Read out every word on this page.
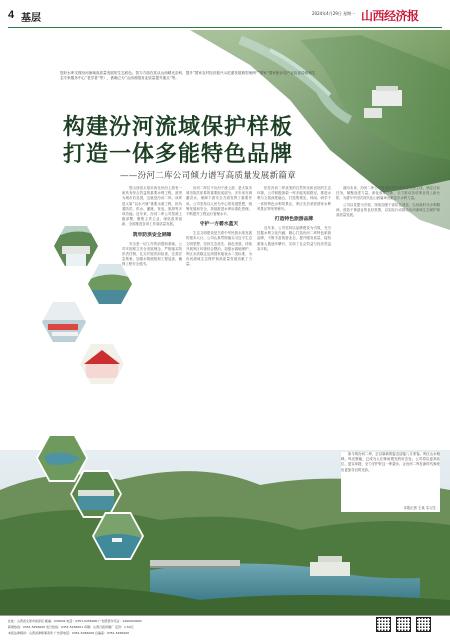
4 基层	2024年4月29日 星期一 山西经济报
您好水库支撑汾河流域高质量发展的生态底色。智力方面在其从山西晴光杂科，提升“国家农村经济振兴示范重发展典型案例”“国家”国家统计局产业检查局格和生态专家服务中心“老学者”等），被确立为“山西省服务业质量提升重点”等。
构建汾河流域保护样板
打造一体多能特色品牌
——汾河二库公司倾力谱写高质量发展新篇章

您山西省太原市西北汾河上游有一座具有综合效益的重要水利工程，被誉为城市后花园，这就是汾河二库。该库是太原“以水兴城”重要水源工程，担负着防洪、供水、灌溉、发电、旅游等多项功能。近年来，汾河二库公司按照上级部署，聚焦主责主业，深化改革创新，全面推进各项工作高质量发展。

筑牢防洪安全屏障

安全是一切工作的前提和基础。公司牢固树立安全发展理念，严格落实防汛责任制，扎实开展汛前检查，完善应急预案，加强水情测报和工程巡查，确保工程安全度汛。

汾河二库位于汾河干流上游，是太原市城市防洪体系的重要组成部分，多年来在调蓄洪水、保障下游安全方面发挥了重要作用。公司坚持以人民为中心的发展思想，统筹发展和安全，持续推进水库标准化管理，不断提升工程运行管理水平。

守护一方碧水蓝天

生态文明建设是关系中华民族永续发展的根本大计。公司认真贯彻落实习近平生态文明思想，坚持生态优先、绿色发展，持续开展库区环境综合整治，加强水源地保护，库区水质稳定达到国家地表水二类标准，为汾河流域生态保护和高质量发展贡献了力量。

依托汾河二库优美的自然风光和良好的生态环境，公司积极探索一库多能发展路径，推进水利与文旅深度融合，打造集观光、休闲、研学于一体的特色水利风景区，库区先后荣获国家水利风景区等荣誉称号。

打造特色旅游品牌

近年来，公司坚持以品牌建设为引领，充分挖掘水利文化内涵，精心打造汾河二库特色旅游品牌，不断丰富旅游业态，提升服务质量，接待游客人数逐年攀升，实现了社会效益与经济效益双丰收。

面向未来，汾河二库公司将继续坚持高质量发展主线，锚定目标任务，凝聚奋进力量，深化改革创新，全力推动各项事业再上新台阶，为谱写中国式现代化山西篇章贡献更多水利力量。

公司以党建为引领，持续加强干部队伍建设，弘扬新时代水利精神，营造干事创业的良好氛围，以实际行动推动汾河流域生态保护和高质量发展。

如今的汾河二库，正以崭新的姿态迎接八方来客。库区山水相映、风光旖旎，已成为人们休闲观光的好去处。公司将以更高站位、更实举措，全力守护好这一库碧水，让汾河二库在新时代焕发出更加夺目的光彩。

本报记者 王某 实习生
社址：山西省太原市迎泽区 邮编：030002 电话：0351-5256000 广告经营许可证：1400004000
新闻热线：0351-5256000 发行热线：0351-5256001 印刷：山西日报印刷厂 定价：1.50元
本报法律顾问：山西省律师事务所 广告部电话：0351-5256006 总编室：0351-5256000
